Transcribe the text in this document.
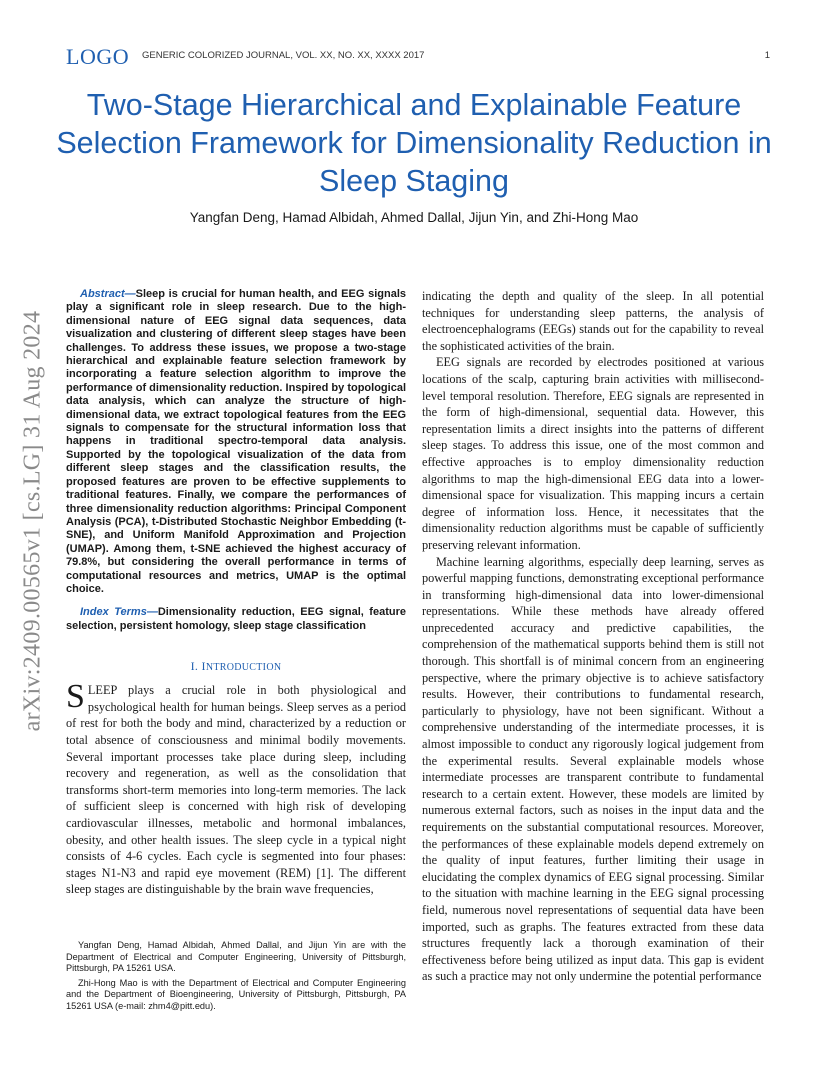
LOGO GENERIC COLORIZED JOURNAL, VOL. XX, NO. XX, XXXX 2017	1
Two-Stage Hierarchical and Explainable Feature Selection Framework for Dimensionality Reduction in Sleep Staging
Yangfan Deng, Hamad Albidah, Ahmed Dallal, Jijun Yin, and Zhi-Hong Mao
arXiv:2409.00565v1 [cs.LG] 31 Aug 2024

Abstract—Sleep is crucial for human health, and EEG signals play a significant role in sleep research. Due to the high-dimensional nature of EEG signal data sequences, data visualization and clustering of different sleep stages have been challenges. To address these issues, we propose a two-stage hierarchical and explainable feature selection framework by incorporating a feature selection algorithm to improve the performance of dimensionality reduction. Inspired by topological data analysis, which can analyze the structure of high-dimensional data, we extract topological features from the EEG signals to compensate for the structural information loss that happens in traditional spectro-temporal data analysis. Supported by the topological visualization of the data from different sleep stages and the classification results, the proposed features are proven to be effective supplements to traditional features. Finally, we compare the performances of three dimensionality reduction algorithms: Principal Component Analysis (PCA), t-Distributed Stochastic Neighbor Embedding (t-SNE), and Uniform Manifold Approximation and Projection (UMAP). Among them, t-SNE achieved the highest accuracy of 79.8%, but considering the overall performance in terms of computational resources and metrics, UMAP is the optimal choice.

Index Terms—Dimensionality reduction, EEG signal, feature selection, persistent homology, sleep stage classification

I. INTRODUCTION

SLEEP plays a crucial role in both physiological and psychological health for human beings. Sleep serves as a period of rest for both the body and mind, characterized by a reduction or total absence of consciousness and minimal bodily movements. Several important processes take place during sleep, including recovery and regeneration, as well as the consolidation that transforms short-term memories into long-term memories. The lack of sufficient sleep is concerned with high risk of developing cardiovascular illnesses, metabolic and hormonal imbalances, obesity, and other health issues. The sleep cycle in a typical night consists of 4-6 cycles. Each cycle is segmented into four phases: stages N1-N3 and rapid eye movement (REM) [1]. The different sleep stages are distinguishable by the brain wave frequencies,

Yangfan Deng, Hamad Albidah, Ahmed Dallal, and Jijun Yin are with the Department of Electrical and Computer Engineering, University of Pittsburgh, Pittsburgh, PA 15261 USA.

Zhi-Hong Mao is with the Department of Electrical and Computer Engineering and the Department of Bioengineering, University of Pittsburgh, Pittsburgh, PA 15261 USA (e-mail: zhm4@pitt.edu).

indicating the depth and quality of the sleep. In all potential techniques for understanding sleep patterns, the analysis of electroencephalograms (EEGs) stands out for the capability to reveal the sophisticated activities of the brain.

EEG signals are recorded by electrodes positioned at various locations of the scalp, capturing brain activities with millisecond-level temporal resolution. Therefore, EEG signals are represented in the form of high-dimensional, sequential data. However, this representation limits a direct insights into the patterns of different sleep stages. To address this issue, one of the most common and effective approaches is to employ dimensionality reduction algorithms to map the high-dimensional EEG data into a lower-dimensional space for visualization. This mapping incurs a certain degree of information loss. Hence, it necessitates that the dimensionality reduction algorithms must be capable of sufficiently preserving relevant information.

Machine learning algorithms, especially deep learning, serves as powerful mapping functions, demonstrating exceptional performance in transforming high-dimensional data into lower-dimensional representations. While these methods have already offered unprecedented accuracy and predictive capabilities, the comprehension of the mathematical supports behind them is still not thorough. This shortfall is of minimal concern from an engineering perspective, where the primary objective is to achieve satisfactory results. However, their contributions to fundamental research, particularly to physiology, have not been significant. Without a comprehensive understanding of the intermediate processes, it is almost impossible to conduct any rigorously logical judgement from the experimental results. Several explainable models whose intermediate processes are transparent contribute to fundamental research to a certain extent. However, these models are limited by numerous external factors, such as noises in the input data and the requirements on the substantial computational resources. Moreover, the performances of these explainable models depend extremely on the quality of input features, further limiting their usage in elucidating the complex dynamics of EEG signal processing. Similar to the situation with machine learning in the EEG signal processing field, numerous novel representations of sequential data have been imported, such as graphs. The features extracted from these data structures frequently lack a thorough examination of their effectiveness before being utilized as input data. This gap is evident as such a practice may not only undermine the potential performance
